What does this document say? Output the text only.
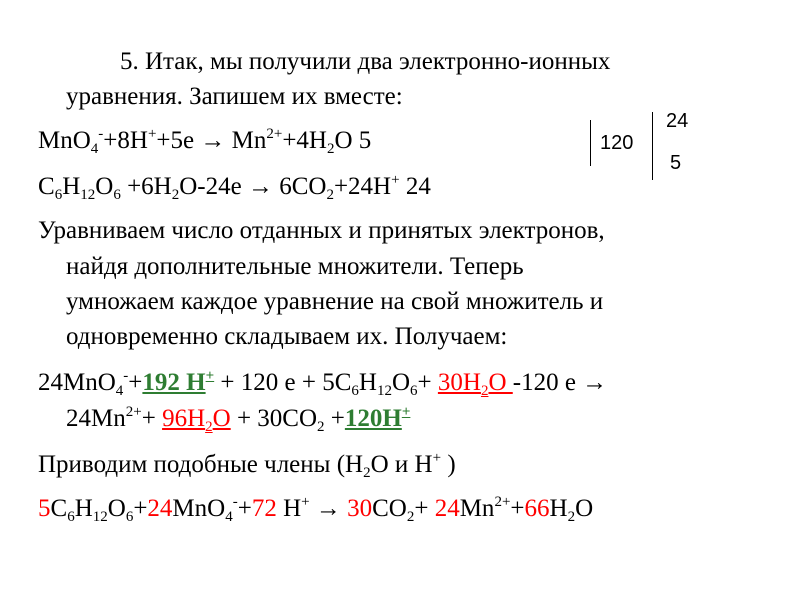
5. Итак, мы получили два электронно-ионных
уравнения. Запишем их вместе:
$MnO_4^-+8H^++5e \to Mn^{2+}+4H_2O$ 5	120
24
5
$C_6H_{12}O_6 +6H_2O-24e \to 6CO_2+24H^+$ 24
Уравниваем число отданных и принятых электронов,
найдя дополнительные множители. Теперь
умножаем каждое уравнение на свой множитель и
одновременно складываем их. Получаем:
24MnO$_4$-+192 Н+ + 120 $е + 5C_6H_{12}O_6+ 30H_2O$ -120 е →
$24Mn^{2+}+ 96H_2O + 30CO_2 +120H^+$
Приводим подобные члены ($H_2O$ и H+ )
$5C_6H_{12}O_6+24MnO_4^-+72$ $H^+ \to 30CO_2+ 24Mn^{2+}+66H_2O$
